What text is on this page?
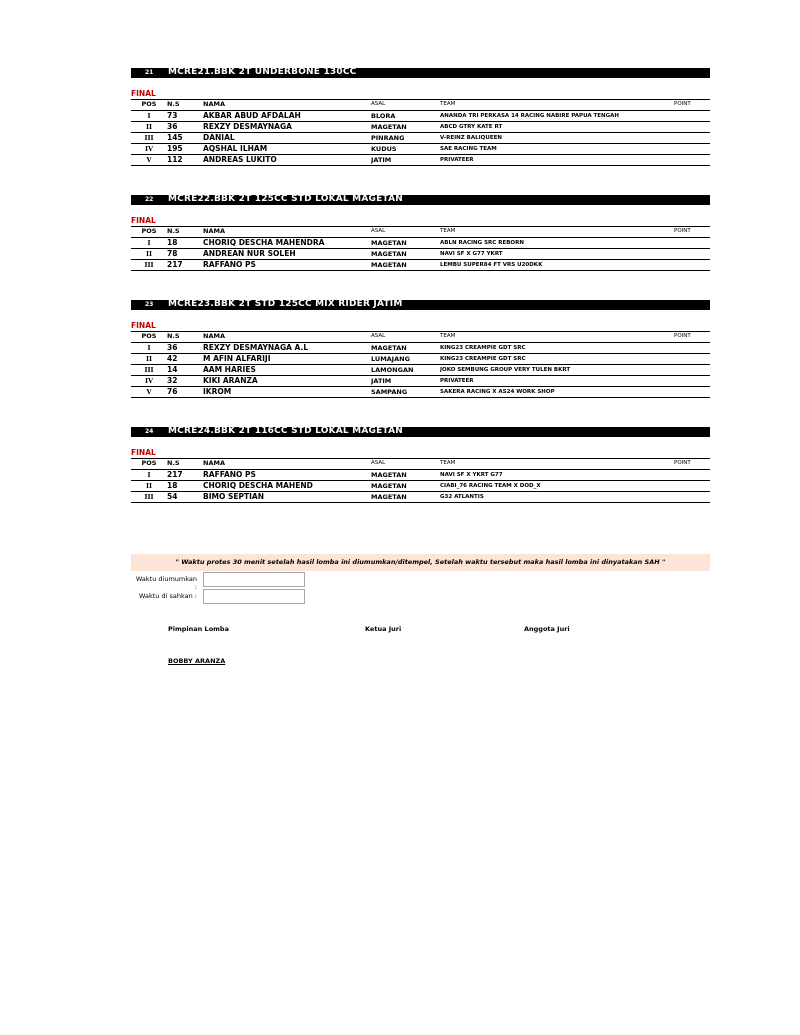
21 MCRE21.BBK 2T UNDERBONE 130CC
FINAL
POS	N.S	NAMA	ASAL	TEAM	POINT
I	73	AKBAR ABUD AFDALAH	BLORA	ANANDA TRI PERKASA 14 RACING NABIRE PAPUA TENGAH	
II	36	REXZY DESMAYNAGA	MAGETAN	ABCD GTRY KATE RT	
III	145	DANIAL	PINRANG	V-REINZ BALIQUEEN	
IV	195	AQSHAL ILHAM	KUDUS	SAE RACING TEAM	
V	112	ANDREAS LUKITO	JATIM	PRIVATEER	
22 MCRE22.BBK 2T 125CC STD LOKAL MAGETAN
FINAL
POS	N.S	NAMA	ASAL	TEAM	POINT
I	18	CHORIQ DESCHA MAHENDRA	MAGETAN	ABLN RACING SRC REBORN	
II	78	ANDREAN NUR SOLEH	MAGETAN	NAVI SF X G77 YKRT	
III	217	RAFFANO PS	MAGETAN	LEMBU SUPER84 FT VRS U20DKK	
23 MCRE23.BBK 2T STD 125CC MIX RIDER JATIM
FINAL
POS	N.S	NAMA	ASAL	TEAM	POINT
I	36	REXZY DESMAYNAGA A.L	MAGETAN	KING23 CREAMPIE GDT SRC	
II	42	M AFIN ALFARIJI	LUMAJANG	KING23 CREAMPIE GDT SRC	
III	14	AAM HARIES	LAMONGAN	JOKO SEMBUNG GROUP VERY TULEN BKRT	
IV	32	KIKI ARANZA	JATIM	PRIVATEER	
V	76	IKROM	SAMPANG	SAKERA RACING X AS24 WORK SHOP	
24 MCRE24.BBK 2T 116CC STD LOKAL MAGETAN
FINAL
POS	N.S	NAMA	ASAL	TEAM	POINT
I	217	RAFFANO PS	MAGETAN	NAVI SF X YKRT G77	
II	18	CHORIQ DESCHA MAHEND	MAGETAN	CIABI_76 RACING TEAM X DOD_X	
III	54	BIMO SEPTIAN	MAGETAN	G32 ATLANTIS	
" Waktu protes 30 menit setelah hasil lomba ini diumumkan/ditempel, Setelah waktu tersebut maka hasil lomba ini dinyatakan SAH "
Waktu diumumkan :
Waktu di sahkan :
Pimpinan Lomba	Ketua Juri	Anggota Juri
BOBBY ARANZA
